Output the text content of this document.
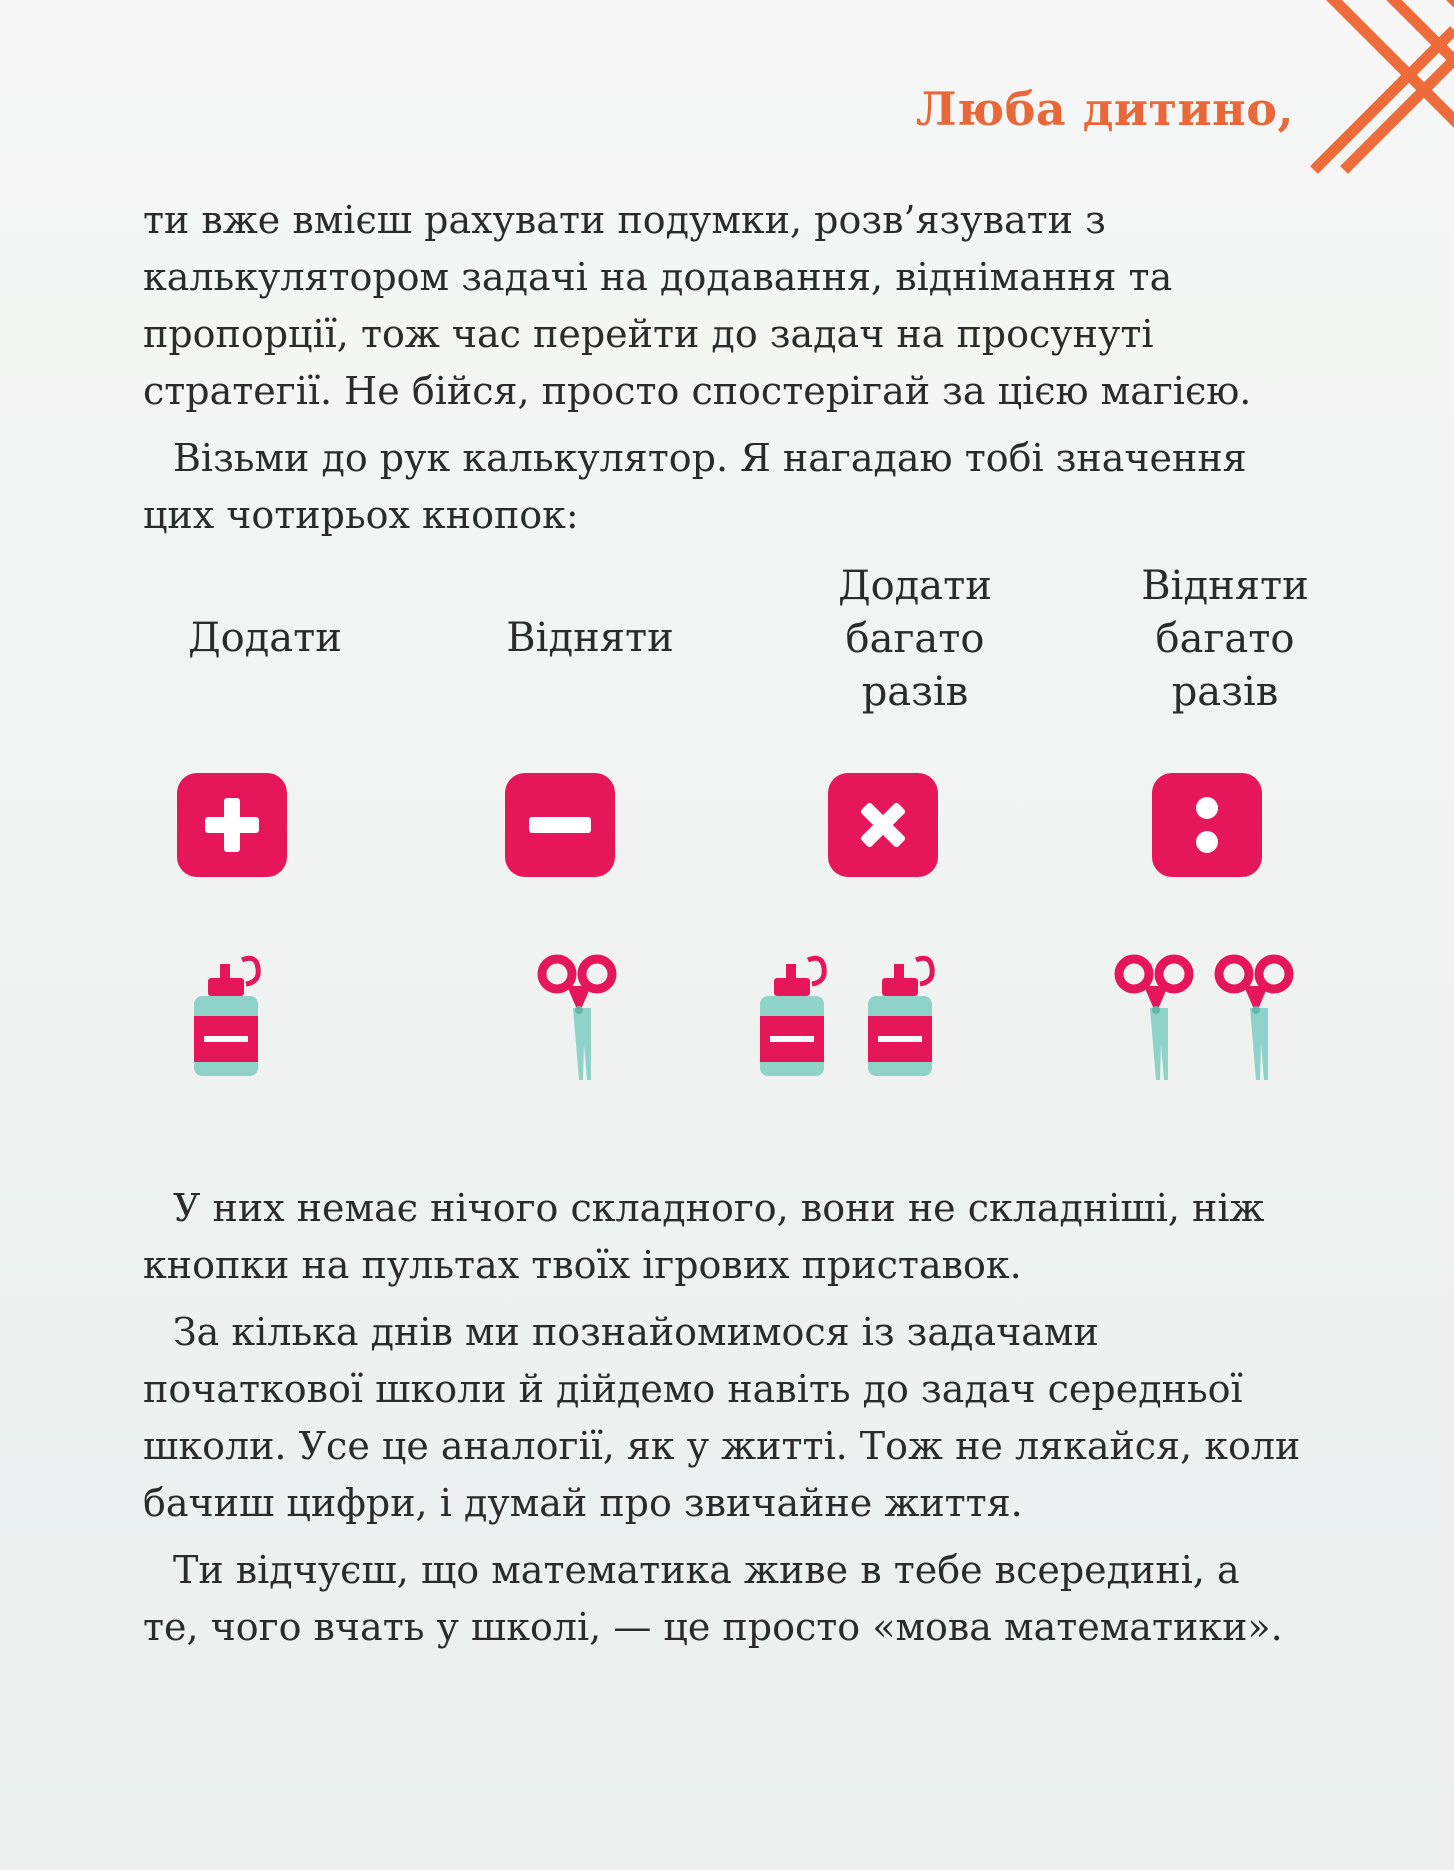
Люба дитино,

ти вже вмієш рахувати подумки, розв’язувати з калькулятором задачі на додавання, віднімання та пропорції, тож час перейти до задач на просунуті стратегії. Не бійся, просто спостерігай за цією магією.

Візьми до рук калькулятор. Я нагадаю тобі значення цих чотирьох кнопок:

Додати	Відняти

Додати
багато
разів

Відняти
багато
разів

У них немає нічого складного, вони не складніші, ніж кнопки на пультах твоїх ігрових приставок.

За кілька днів ми познайомимося із задачами початкової школи й дійдемо навіть до задач середньої школи. Усе це аналогії, як у житті. Тож не лякайся, коли бачиш цифри, і думай про звичайне життя.

Ти відчуєш, що математика живе в тебе всередині, а те, чого вчать у школі, — це просто «мова математики».
